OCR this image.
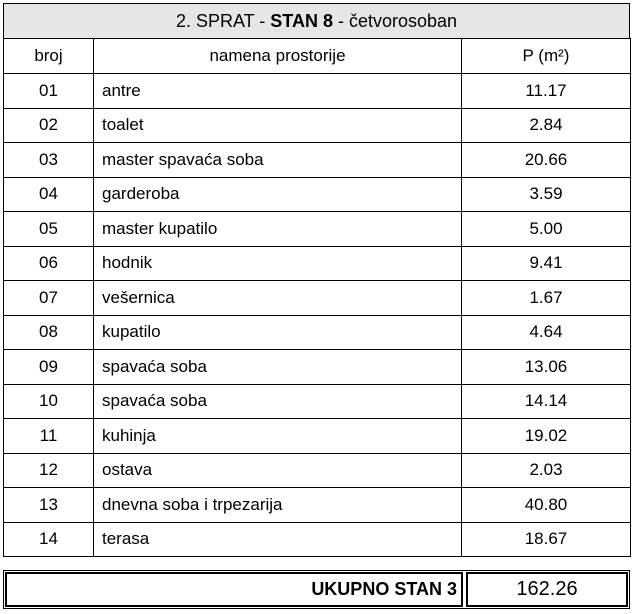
2. SPRAT - STAN 8 - četvorosoban
broj	namena prostorije	P (m²)
01	antre	11.17
02	toalet	2.84
03	master spavaća soba	20.66
04	garderoba	3.59
05	master kupatilo	5.00
06	hodnik	9.41
07	vešernica	1.67
08	kupatilo	4.64
09	spavaća soba	13.06
10	spavaća soba	14.14
11	kuhinja	19.02
12	ostava	2.03
13	dnevna soba i trpezarija	40.80
14	terasa	18.67
UKUPNO STAN 3	162.26
